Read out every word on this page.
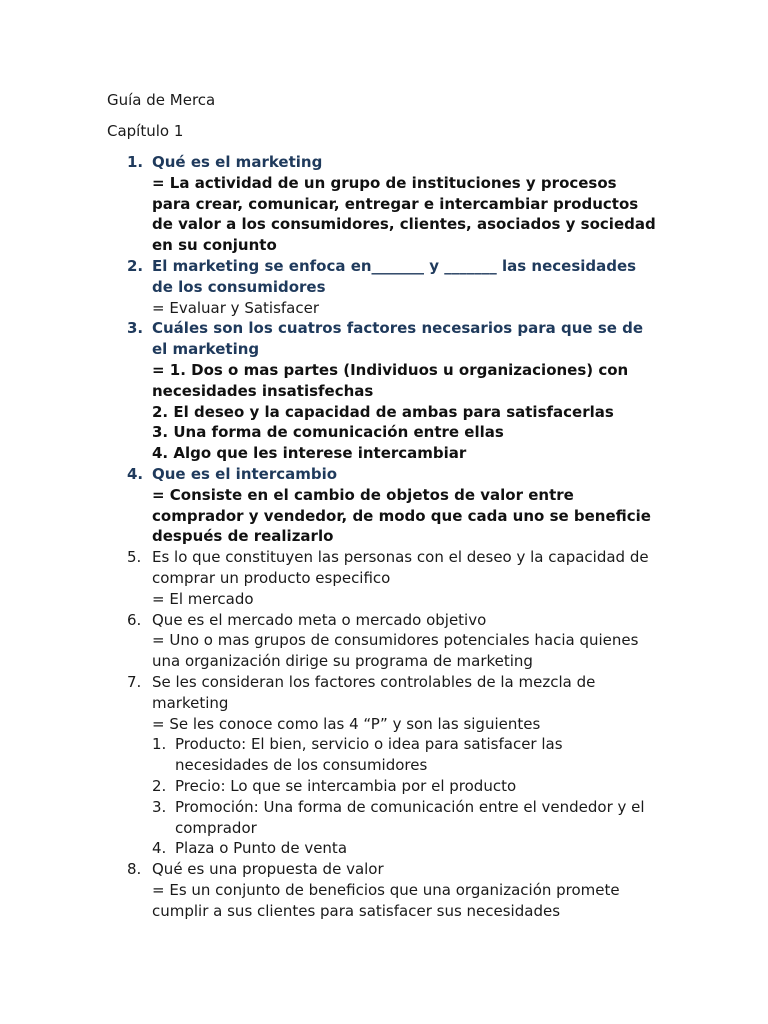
Guía de Merca
Capítulo 1
1. Qué es el marketing
= La actividad de un grupo de instituciones y procesos
para crear, comunicar, entregar e intercambiar productos
de valor a los consumidores, clientes, asociados y sociedad
en su conjunto
2. El marketing se enfoca en_______ y _______ las necesidades
de los consumidores
= Evaluar y Satisfacer
3. Cuáles son los cuatros factores necesarios para que se de
el marketing
= 1. Dos o mas partes (Individuos u organizaciones) con
necesidades insatisfechas
2. El deseo y la capacidad de ambas para satisfacerlas
3. Una forma de comunicación entre ellas
4. Algo que les interese intercambiar
4. Que es el intercambio
= Consiste en el cambio de objetos de valor entre
comprador y vendedor, de modo que cada uno se beneficie
después de realizarlo
5. Es lo que constituyen las personas con el deseo y la capacidad de
comprar un producto especifico
= El mercado
6. Que es el mercado meta o mercado objetivo
= Uno o mas grupos de consumidores potenciales hacia quienes
una organización dirige su programa de marketing
7. Se les consideran los factores controlables de la mezcla de
marketing
= Se les conoce como las 4 “P” y son las siguientes
1. Producto: El bien, servicio o idea para satisfacer las
necesidades de los consumidores
2. Precio: Lo que se intercambia por el producto
3. Promoción: Una forma de comunicación entre el vendedor y el
comprador
4. Plaza o Punto de venta
8. Qué es una propuesta de valor
= Es un conjunto de beneficios que una organización promete
cumplir a sus clientes para satisfacer sus necesidades
